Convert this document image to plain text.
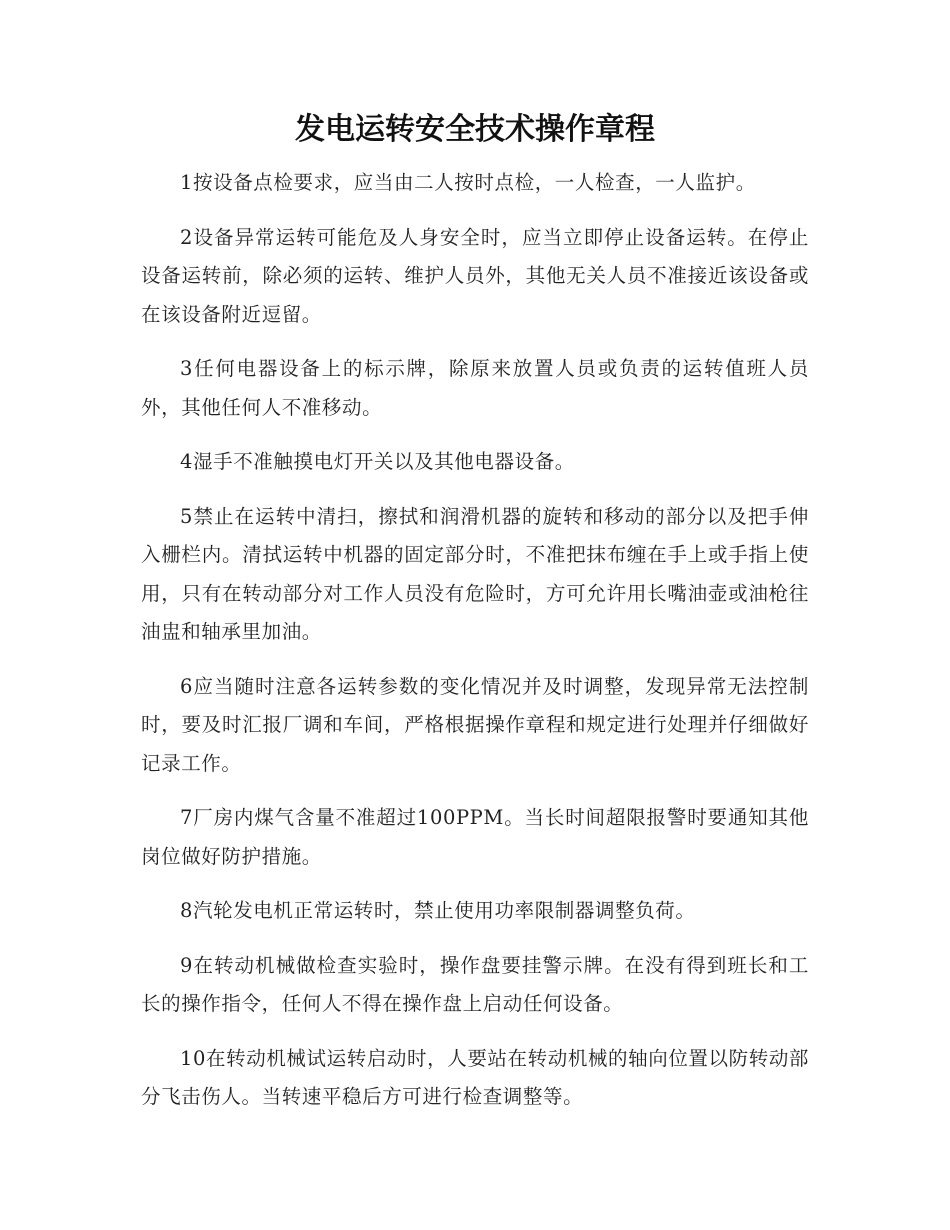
发电运转安全技术操作章程

1按设备点检要求，应当由二人按时点检，一人检查，一人监护。

2设备异常运转可能危及人身安全时，应当立即停止设备运转。在停止设备运转前，除必须的运转、维护人员外，其他无关人员不准接近该设备或在该设备附近逗留。

3任何电器设备上的标示牌，除原来放置人员或负责的运转值班人员外，其他任何人不准移动。

4湿手不准触摸电灯开关以及其他电器设备。

5禁止在运转中清扫，擦拭和润滑机器的旋转和移动的部分以及把手伸入栅栏内。清拭运转中机器的固定部分时，不准把抹布缠在手上或手指上使用，只有在转动部分对工作人员没有危险时，方可允许用长嘴油壶或油枪往油盅和轴承里加油。

6应当随时注意各运转参数的变化情况并及时调整，发现异常无法控制时，要及时汇报厂调和车间，严格根据操作章程和规定进行处理并仔细做好记录工作。

7厂房内煤气含量不准超过100PPM。当长时间超限报警时要通知其他岗位做好防护措施。

8汽轮发电机正常运转时，禁止使用功率限制器调整负荷。

9在转动机械做检查实验时，操作盘要挂警示牌。在没有得到班长和工长的操作指令，任何人不得在操作盘上启动任何设备。

10在转动机械试运转启动时，人要站在转动机械的轴向位置以防转动部分飞击伤人。当转速平稳后方可进行检查调整等。
